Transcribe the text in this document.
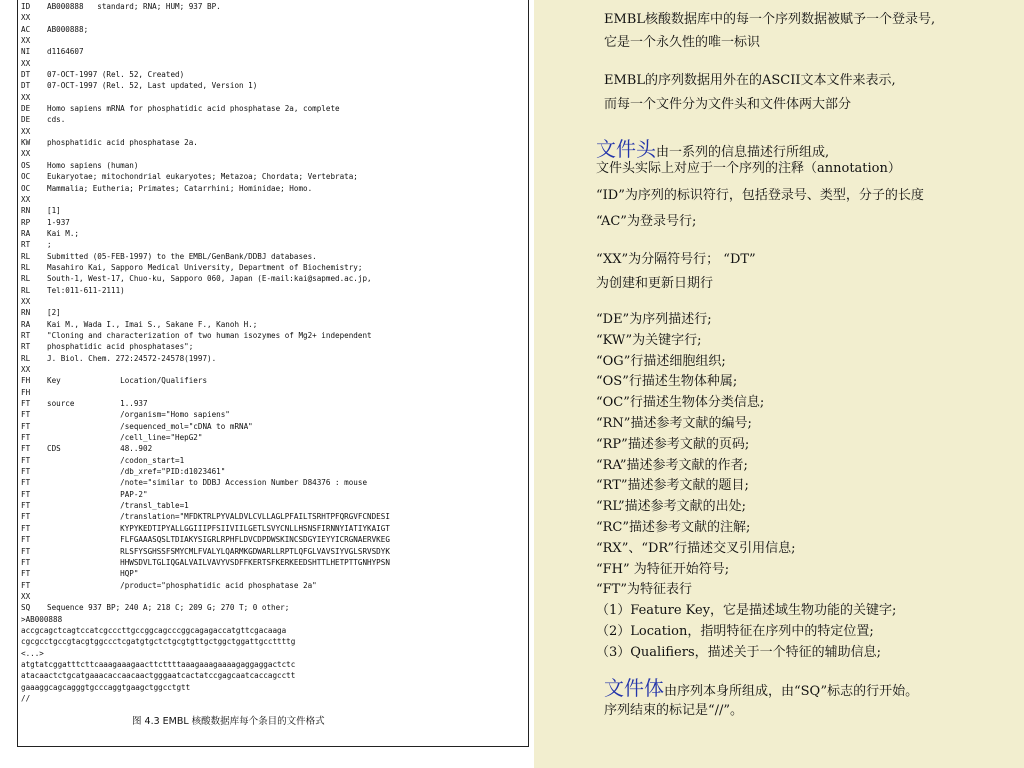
ID	AB000888   standard; RNA; HUM; 937 BP.
XX
AC	AB000888;
XX
NI	d1164607
XX
DT	07-OCT-1997 (Rel. 52, Created)
DT	07-OCT-1997 (Rel. 52, Last updated, Version 1)
XX
DE	Homo sapiens mRNA for phosphatidic acid phosphatase 2a, complete
DE	cds.
XX
KW	phosphatidic acid phosphatase 2a.
XX
OS	Homo sapiens (human)
OC	Eukaryotae; mitochondrial eukaryotes; Metazoa; Chordata; Vertebrata;
OC	Mammalia; Eutheria; Primates; Catarrhini; Hominidae; Homo.
XX
RN	[1]
RP	1-937
RA	Kai M.;
RT	;
RL	Submitted (05-FEB-1997) to the EMBL/GenBank/DDBJ databases.
RL	Masahiro Kai, Sapporo Medical University, Department of Biochemistry;
RL	South-1, West-17, Chuo-ku, Sapporo 060, Japan (E-mail:kai@sapmed.ac.jp,
RL	Tel:011-611-2111)
XX
RN	[2]
RA	Kai M., Wada I., Imai S., Sakane F., Kanoh H.;
RT	"Cloning and characterization of two human isozymes of Mg2+ independent
RT	phosphatidic acid phosphatases";
RL	J. Biol. Chem. 272:24572-24578(1997).
XX
FH	Key             Location/Qualifiers
FH
FT	source          1..937
FT	/organism="Homo sapiens"
FT	/sequenced_mol="cDNA to mRNA"
FT	/cell_line="HepG2"
FT	CDS             48..902
FT	/codon_start=1
FT	/db_xref="PID:d1023461"
FT	/note="similar to DDBJ Accession Number D84376 : mouse
FT	PAP-2"
FT	/transl_table=1
FT	/translation="MFDKTRLPYVALDVLCVLLAGLPFAILTSRHTPFQRGVFCNDESI
FT	KYPYKEDTIPYALLGGIIIPFSIIVIILGETLSVYCNLLHSNSFIRNNYIATIYKAIGT
FT	FLFGAAASQSLTDIAKYSIGRLRPHFLDVCDPDWSKINCSDGYIEYYICRGNAERVKEG
FT	RLSFYSGHSSFSMYCMLFVALYLQARMKGDWARLLRPTLQFGLVAVSIYVGLSRVSDYK
FT	HHWSDVLTGLIQGALVAILVAVYVSDFFKERTSFKERKEEDSHTTLHETPTTGNHYPSN
FT	HQP"
FT	/product="phosphatidic acid phosphatase 2a"
XX
SQ	Sequence 937 BP; 240 A; 218 C; 209 G; 270 T; 0 other;
>AB000888
accgcagctcagtccatcgcccttgccggcagcccggcagagaccatgttcgacaaga
cgcgcctgccgtacgtggccctcgatgtgctctgcgtgttgctggctggattgccttttg
<...>
atgtatcggatttcttcaaagaaagaacttcttttaaagaaagaaaagaggaggactctc
atacaactctgcatgaaacaccaacaactgggaatcactatccgagcaatcaccagcctt
gaaaggcagcagggtgcccaggtgaagctggcctgtt
//
图 4.3 EMBL 核酸数据库每个条目的文件格式
EMBL核酸数据库中的每一个序列数据被赋予一个登录号,
它是一个永久性的唯一标识
EMBL的序列数据用外在的ASCII文本文件来表示,
而每一个文件分为文件头和文件体两大部分
文件头由一系列的信息描述行所组成,
文件头实际上对应于一个序列的注释（annotation）
“ID”为序列的标识符行，包括登录号、类型，分子的长度
“AC”为登录号行;
“XX”为分隔符号行； “DT”
为创建和更新日期行
“DE”为序列描述行;
“KW”为关键字行;
“OG”行描述细胞组织;
“OS”行描述生物体种属;
“OC”行描述生物体分类信息;
“RN”描述参考文献的编号;
“RP”描述参考文献的页码;
“RA”描述参考文献的作者;
“RT”描述参考文献的题目;
“RL”描述参考文献的出处;
“RC”描述参考文献的注解;
“RX”、“DR”行描述交叉引用信息;
“FH” 为特征开始符号;
“FT”为特征表行
（1）Feature Key，它是描述域生物功能的关键字;
（2）Location，指明特征在序列中的特定位置;
（3）Qualifiers，描述关于一个特征的辅助信息;
文件体由序列本身所组成，由“SQ”标志的行开始。
序列结束的标记是“//”。
